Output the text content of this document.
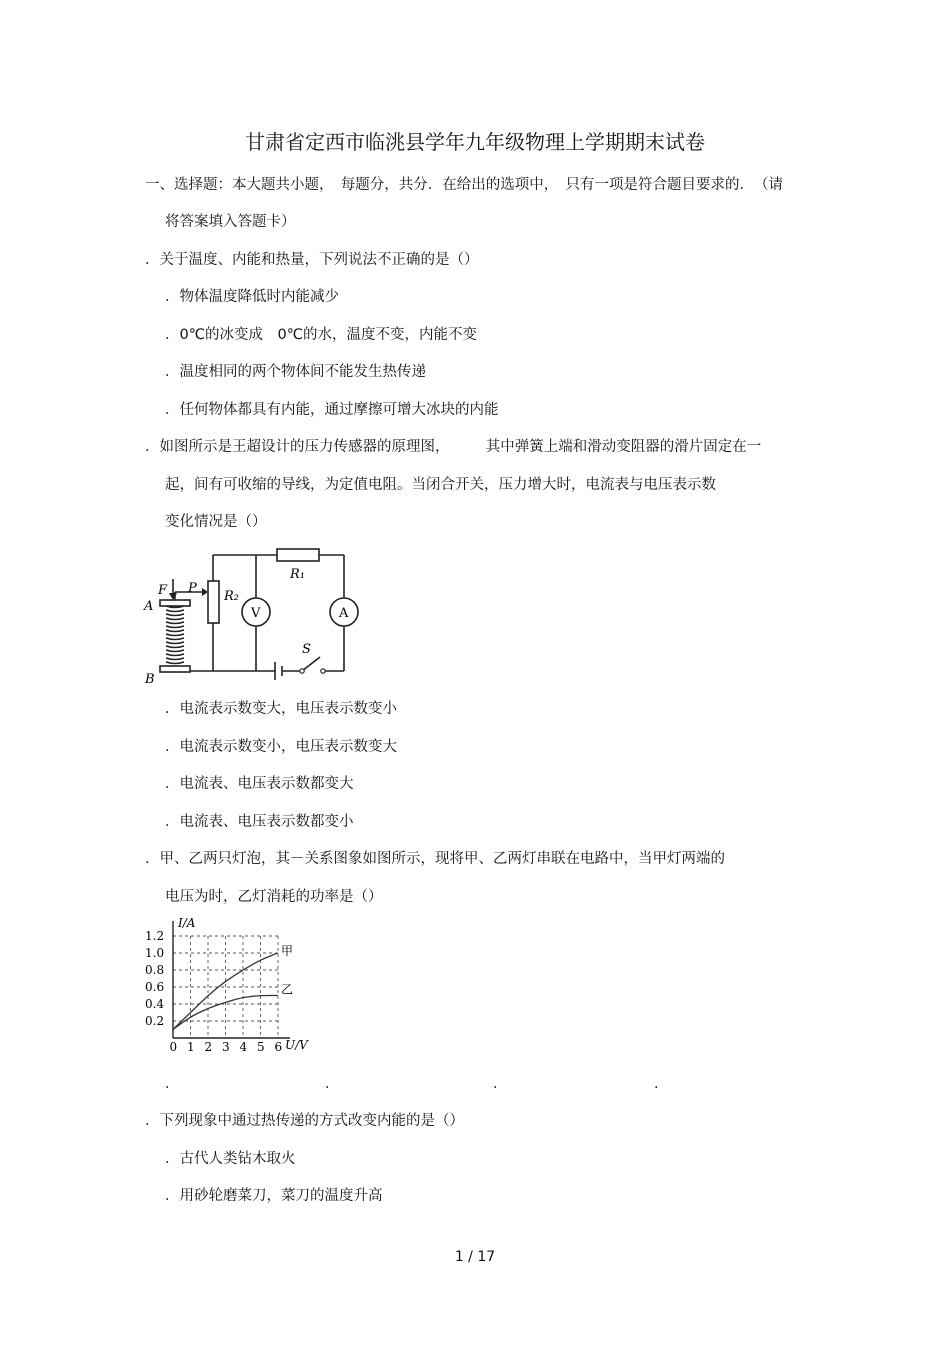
甘肃省定西市临洮县学年九年级物理上学期期末试卷
一、选择题：本大题共小题，　每题分，共分．在给出的选项中，　只有一项是符合题目要求的．　（请
将答案填入答题卡）
．关于温度、内能和热量，下列说法不正确的是（）
．物体温度降低时内能减少
．0℃的冰变成　0℃的水，温度不变，内能不变
．温度相同的两个物体间不能发生热传递
．任何物体都具有内能，通过摩擦可增大冰块的内能
．如图所示是王超设计的压力传感器的原理图，　　　其中弹簧上端和滑动变阻器的滑片固定在一
起，间有可收缩的导线，为定值电阻。当闭合开关，压力增大时，电流表与电压表示数
变化情况是（）
F P
A
B
R₂
R₁
V	A
S
．电流表示数变大，电压表示数变小
．电流表示数变小，电压表示数变大
．电流表、电压表示数都变大
．电流表、电压表示数都变小
．甲、乙两只灯泡，其－关系图象如图所示，现将甲、乙两灯串联在电路中，当甲灯两端的
电压为时，乙灯消耗的功率是（）
甲
乙
0 1 2 3 4 5 6
0.2
0.4
0.6
0.8
1.0
1.2
I/A
U/V
．	．	．	．
．下列现象中通过热传递的方式改变内能的是（）
．古代人类钻木取火
．用砂轮磨菜刀，菜刀的温度升高
1 / 17
